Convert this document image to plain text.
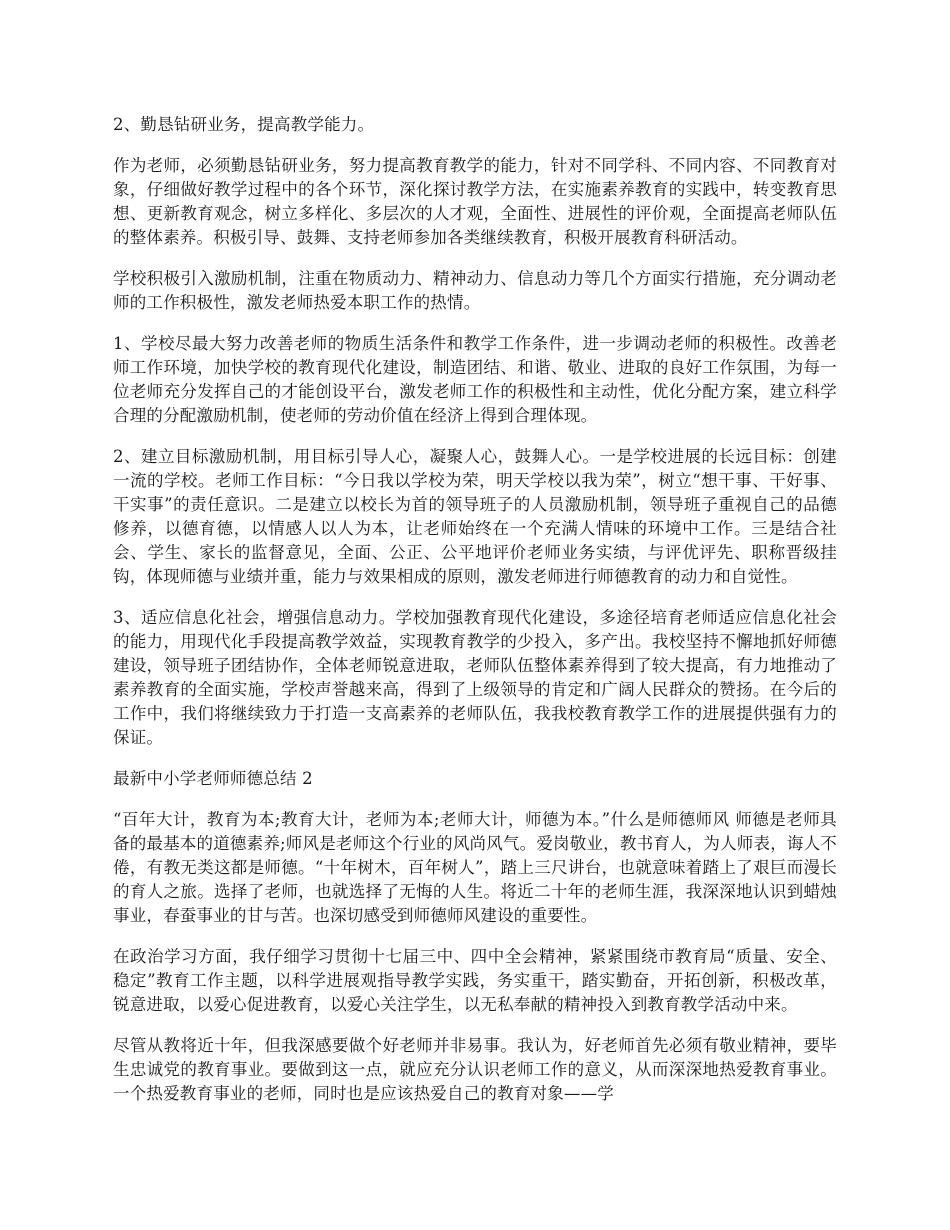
2、勤恳钻研业务，提高教学能力。

作为老师，必须勤恳钻研业务，努力提高教育教学的能力，针对不同学科、不同内容、不同教育对象，仔细做好教学过程中的各个环节，深化探讨教学方法，在实施素养教育的实践中，转变教育思想、更新教育观念，树立多样化、多层次的人才观，全面性、进展性的评价观，全面提高老师队伍的整体素养。积极引导、鼓舞、支持老师参加各类继续教育，积极开展教育科研活动。

学校积极引入激励机制，注重在物质动力、精神动力、信息动力等几个方面实行措施，充分调动老师的工作积极性，激发老师热爱本职工作的热情。

1、学校尽最大努力改善老师的物质生活条件和教学工作条件，进一步调动老师的积极性。改善老师工作环境，加快学校的教育现代化建设，制造团结、和谐、敬业、进取的良好工作氛围，为每一位老师充分发挥自己的才能创设平台，激发老师工作的积极性和主动性，优化分配方案，建立科学合理的分配激励机制，使老师的劳动价值在经济上得到合理体现。

2、建立目标激励机制，用目标引导人心，凝聚人心，鼓舞人心。一是学校进展的长远目标：创建一流的学校。老师工作目标：“今日我以学校为荣，明天学校以我为荣”，树立“想干事、干好事、干实事”的责任意识。二是建立以校长为首的领导班子的人员激励机制，领导班子重视自己的品德修养，以德育德，以情感人以人为本，让老师始终在一个充满人情味的环境中工作。三是结合社会、学生、家长的监督意见，全面、公正、公平地评价老师业务实绩，与评优评先、职称晋级挂钩，体现师德与业绩并重，能力与效果相成的原则，激发老师进行师德教育的动力和自觉性。

3、适应信息化社会，增强信息动力。学校加强教育现代化建设，多途径培育老师适应信息化社会的能力，用现代化手段提高教学效益，实现教育教学的少投入，多产出。我校坚持不懈地抓好师德建设，领导班子团结协作，全体老师锐意进取，老师队伍整体素养得到了较大提高，有力地推动了素养教育的全面实施，学校声誉越来高，得到了上级领导的肯定和广阔人民群众的赞扬。在今后的工作中，我们将继续致力于打造一支高素养的老师队伍，我我校教育教学工作的进展提供强有力的保证。

最新中小学老师师德总结 2

“百年大计，教育为本;教育大计，老师为本;老师大计，师德为本。”什么是师德师风 师德是老师具备的最基本的道德素养;师风是老师这个行业的风尚风气。爱岗敬业，教书育人，为人师表，诲人不倦，有教无类这都是师德。“十年树木，百年树人”，踏上三尺讲台，也就意味着踏上了艰巨而漫长的育人之旅。选择了老师，也就选择了无悔的人生。将近二十年的老师生涯，我深深地认识到蜡烛事业，春蚕事业的甘与苦。也深切感受到师德师风建设的重要性。

在政治学习方面，我仔细学习贯彻十七届三中、四中全会精神，紧紧围绕市教育局“质量、安全、稳定”教育工作主题，以科学进展观指导教学实践，务实重干，踏实勤奋，开拓创新，积极改革，锐意进取，以爱心促进教育，以爱心关注学生，以无私奉献的精神投入到教育教学活动中来。

尽管从教将近十年，但我深感要做个好老师并非易事。我认为，好老师首先必须有敬业精神，要毕生忠诚党的教育事业。要做到这一点，就应充分认识老师工作的意义，从而深深地热爱教育事业。一个热爱教育事业的老师，同时也是应该热爱自己的教育对象——学
